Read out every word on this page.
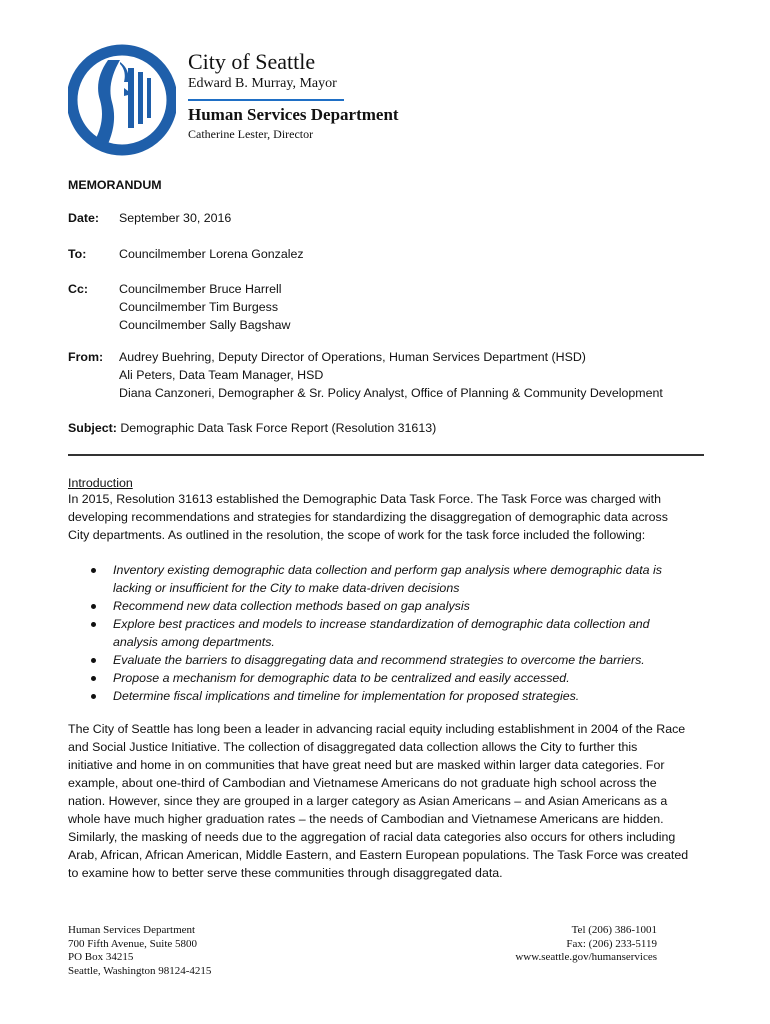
City of Seattle
Edward B. Murray, Mayor
Human Services Department
Catherine Lester, Director
MEMORANDUM
Date: September 30, 2016
To:	Councilmember Lorena Gonzalez
Cc:	Councilmember Bruce Harrell
Councilmember Tim Burgess
Councilmember Sally Bagshaw
From: Audrey Buehring, Deputy Director of Operations, Human Services Department (HSD)
Ali Peters, Data Team Manager, HSD
Diana Canzoneri, Demographer & Sr. Policy Analyst, Office of Planning & Community Development
Subject: Demographic Data Task Force Report (Resolution 31613)
Introduction
In 2015, Resolution 31613 established the Demographic Data Task Force. The Task Force was charged with
developing recommendations and strategies for standardizing the disaggregation of demographic data across
City departments. As outlined in the resolution, the scope of work for the task force included the following:
Inventory existing demographic data collection and perform gap analysis where demographic data is
lacking or insufficient for the City to make data-driven decisions
Recommend new data collection methods based on gap analysis
Explore best practices and models to increase standardization of demographic data collection and
analysis among departments.
Evaluate the barriers to disaggregating data and recommend strategies to overcome the barriers.
Propose a mechanism for demographic data to be centralized and easily accessed.
Determine fiscal implications and timeline for implementation for proposed strategies.
The City of Seattle has long been a leader in advancing racial equity including establishment in 2004 of the Race
and Social Justice Initiative. The collection of disaggregated data collection allows the City to further this
initiative and home in on communities that have great need but are masked within larger data categories. For
example, about one-third of Cambodian and Vietnamese Americans do not graduate high school across the
nation. However, since they are grouped in a larger category as Asian Americans – and Asian Americans as a
whole have much higher graduation rates – the needs of Cambodian and Vietnamese Americans are hidden.
Similarly, the masking of needs due to the aggregation of racial data categories also occurs for others including
Arab, African, African American, Middle Eastern, and Eastern European populations. The Task Force was created
to examine how to better serve these communities through disaggregated data.
Human Services Department
700 Fifth Avenue, Suite 5800
PO Box 34215
Seattle, Washington 98124-4215
Tel (206) 386-1001
Fax: (206) 233-5119
www.seattle.gov/humanservices
